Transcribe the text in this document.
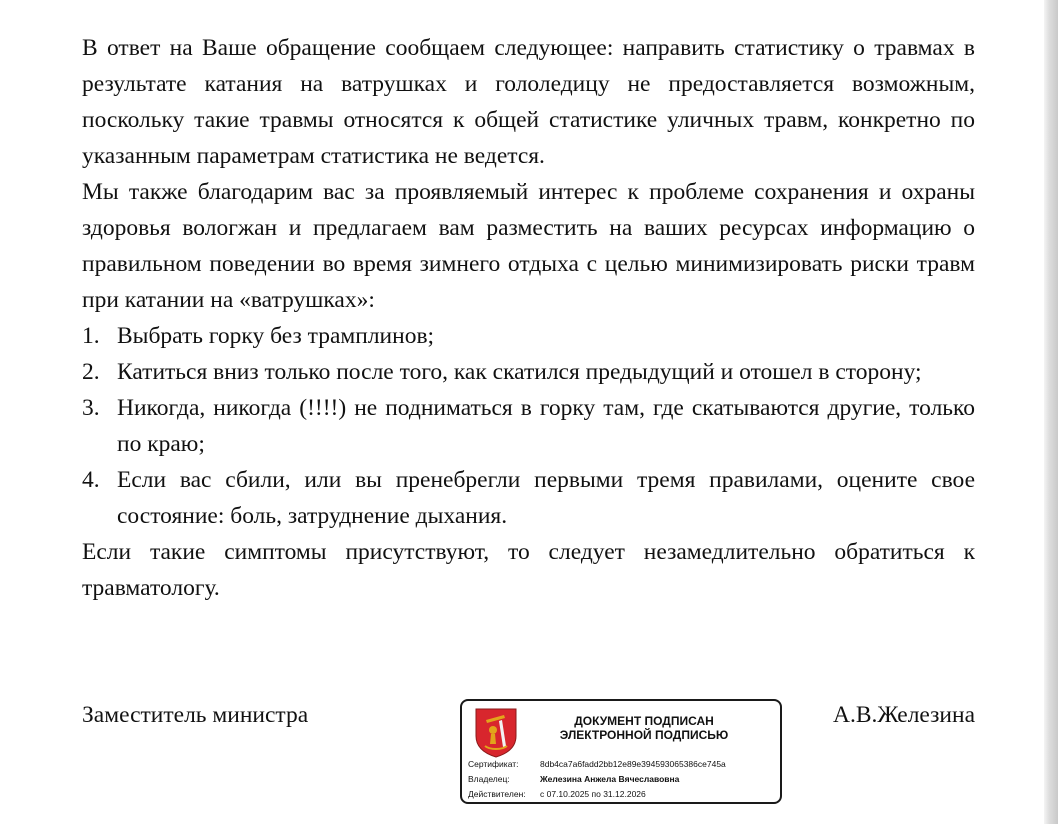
В ответ на Ваше обращение сообщаем следующее: направить статистику о травмах в результате катания на ватрушках и гололедицу не предоставляется возможным, поскольку такие травмы относятся к общей статистике уличных травм, конкретно по указанным параметрам статистика не ведется.

Мы также благодарим вас за проявляемый интерес к проблеме сохранения и охраны здоровья вологжан и предлагаем вам разместить на ваших ресурсах информацию о правильном поведении во время зимнего отдыха с целью минимизировать риски травм при катании на «ватрушках»:

1. Выбрать горку без трамплинов;
2. Катиться вниз только после того, как скатился предыдущий и отошел в сторону;
3. Никогда, никогда (!!!!) не подниматься в горку там, где скатываются другие, только по краю;
4. Если вас сбили, или вы пренебрегли первыми тремя правилами, оцените свое состояние: боль, затруднение дыхания.

Если такие симптомы присутствуют, то следует незамедлительно обратиться к травматологу.

Заместитель министра	ДОКУМЕНТ ПОДПИСАН
ЭЛЕКТРОННОЙ ПОДПИСЬЮ
Сертификат:	8db4ca7a6fadd2bb12e89e394593065386ce745a
Владелец:	Железина Анжела Вячеславовна
Действителен: с 07.10.2025 по 31.12.2026
А.В.Железина
